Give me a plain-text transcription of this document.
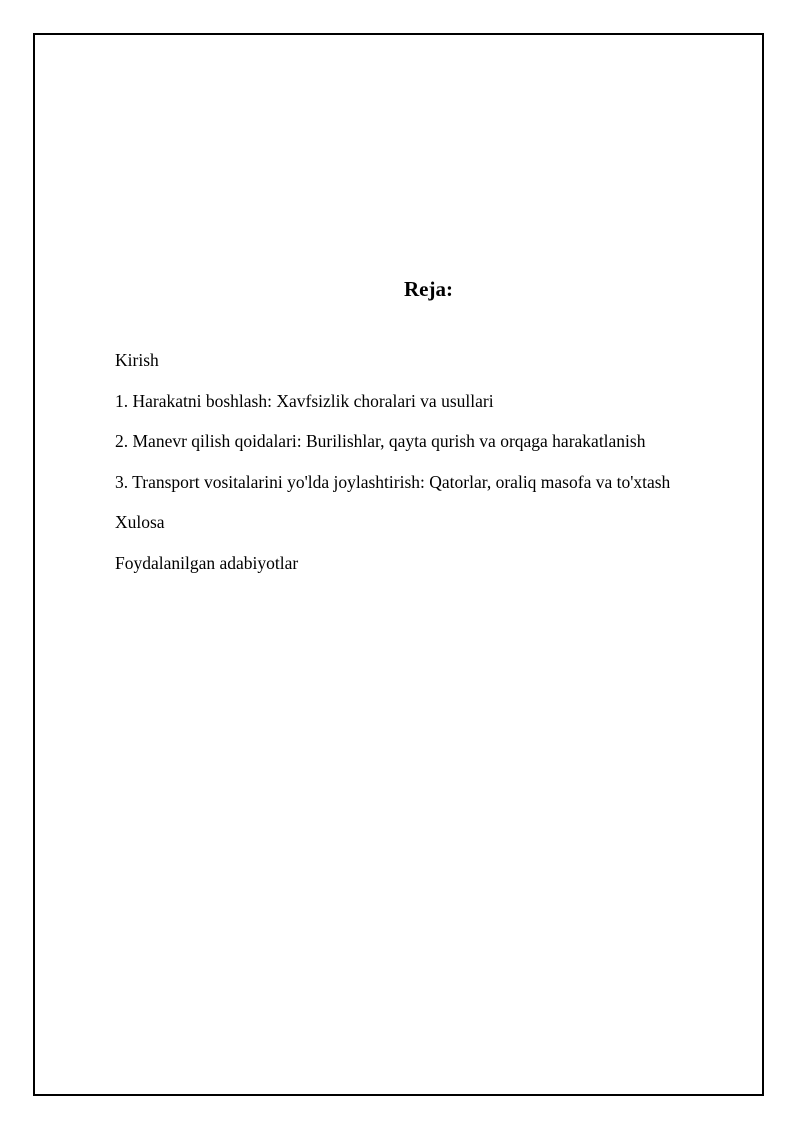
Reja:
Kirish
1. Harakatni boshlash: Xavfsizlik choralari va usullari
2. Manevr qilish qoidalari: Burilishlar, qayta qurish va orqaga harakatlanish
3. Transport vositalarini yo'lda joylashtirish: Qatorlar, oraliq masofa va to'xtash
Xulosa
Foydalanilgan adabiyotlar
